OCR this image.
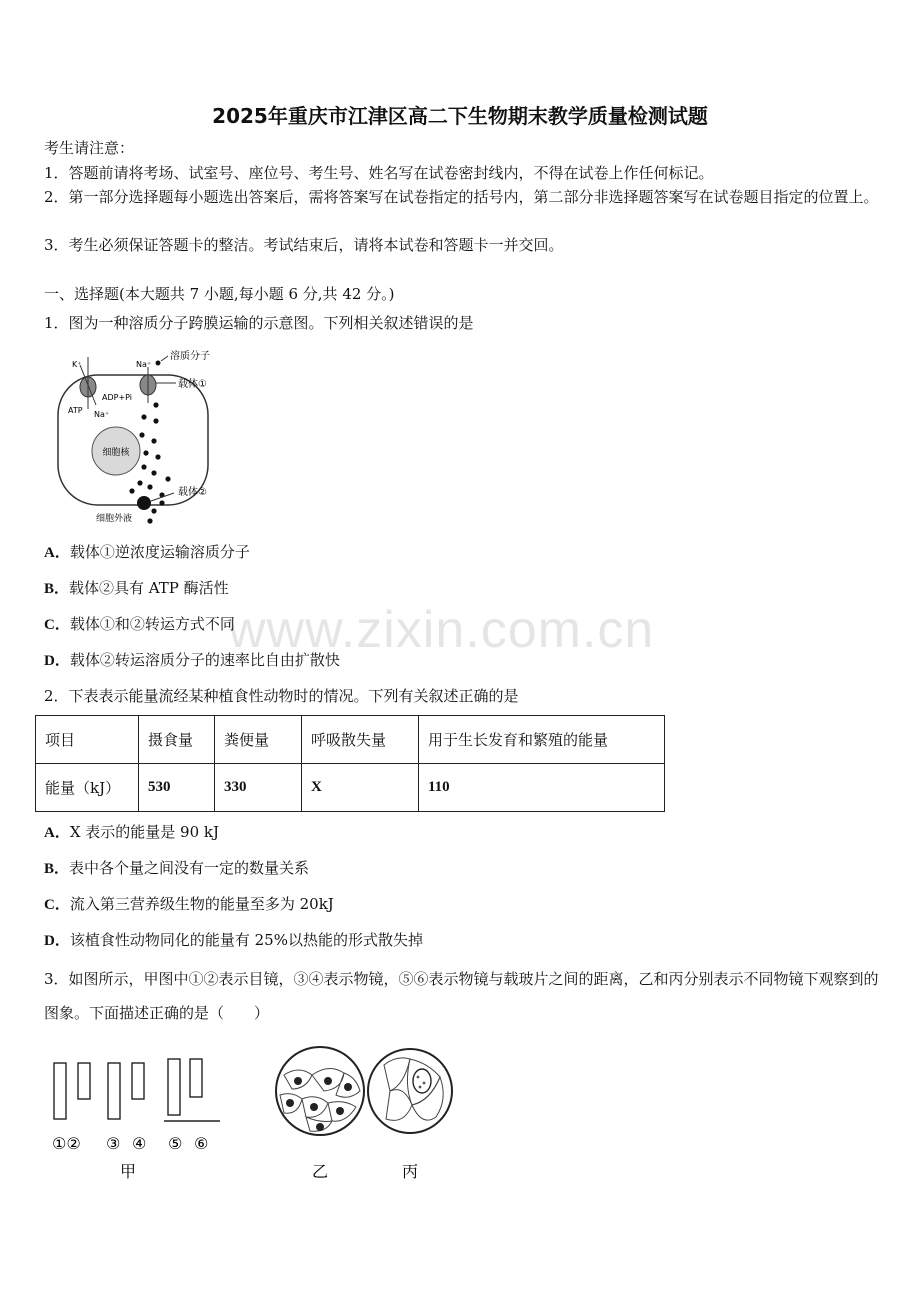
2025年重庆市江津区高二下生物期末教学质量检测试题
考生请注意：
1．答题前请将考场、试室号、座位号、考生号、姓名写在试卷密封线内，不得在试卷上作任何标记。
2．第一部分选择题每小题选出答案后，需将答案写在试卷指定的括号内，第二部分非选择题答案写在试卷题目指定的位置上。
3．考生必须保证答题卡的整洁。考试结束后，请将本试卷和答题卡一并交回。
一、选择题(本大题共 7 小题,每小题 6 分,共 42 分。)
1．图为一种溶质分子跨膜运输的示意图。下列相关叙述错误的是
细胞核
K⁺
ATP Na⁺
ADP+Pi
Na⁺
溶质分子
载体①
载体②
细胞外液
A．载体①逆浓度运输溶质分子
B．载体②具有 ATP 酶活性
C．载体①和②转运方式不同
D．载体②转运溶质分子的速率比自由扩散快
2．下表表示能量流经某种植食性动物时的情况。下列有关叙述正确的是
项目	摄食量	粪便量	呼吸散失量	用于生长发育和繁殖的能量
能量（kJ）	530	330	X	110
A．X 表示的能量是 90 kJ
B．表中各个量之间没有一定的数量关系
C．流入第三营养级生物的能量至多为 20kJ
D．该植食性动物同化的能量有 25%以热能的形式散失掉
3．如图所示，甲图中①②表示目镜，③④表示物镜，⑤⑥表示物镜与载玻片之间的距离，乙和丙分别表示不同物镜下观察到的图象。下面描述正确的是（　　）
①② ③ ④ ⑤ ⑥
甲	乙	丙
www.zixin.com.cn
